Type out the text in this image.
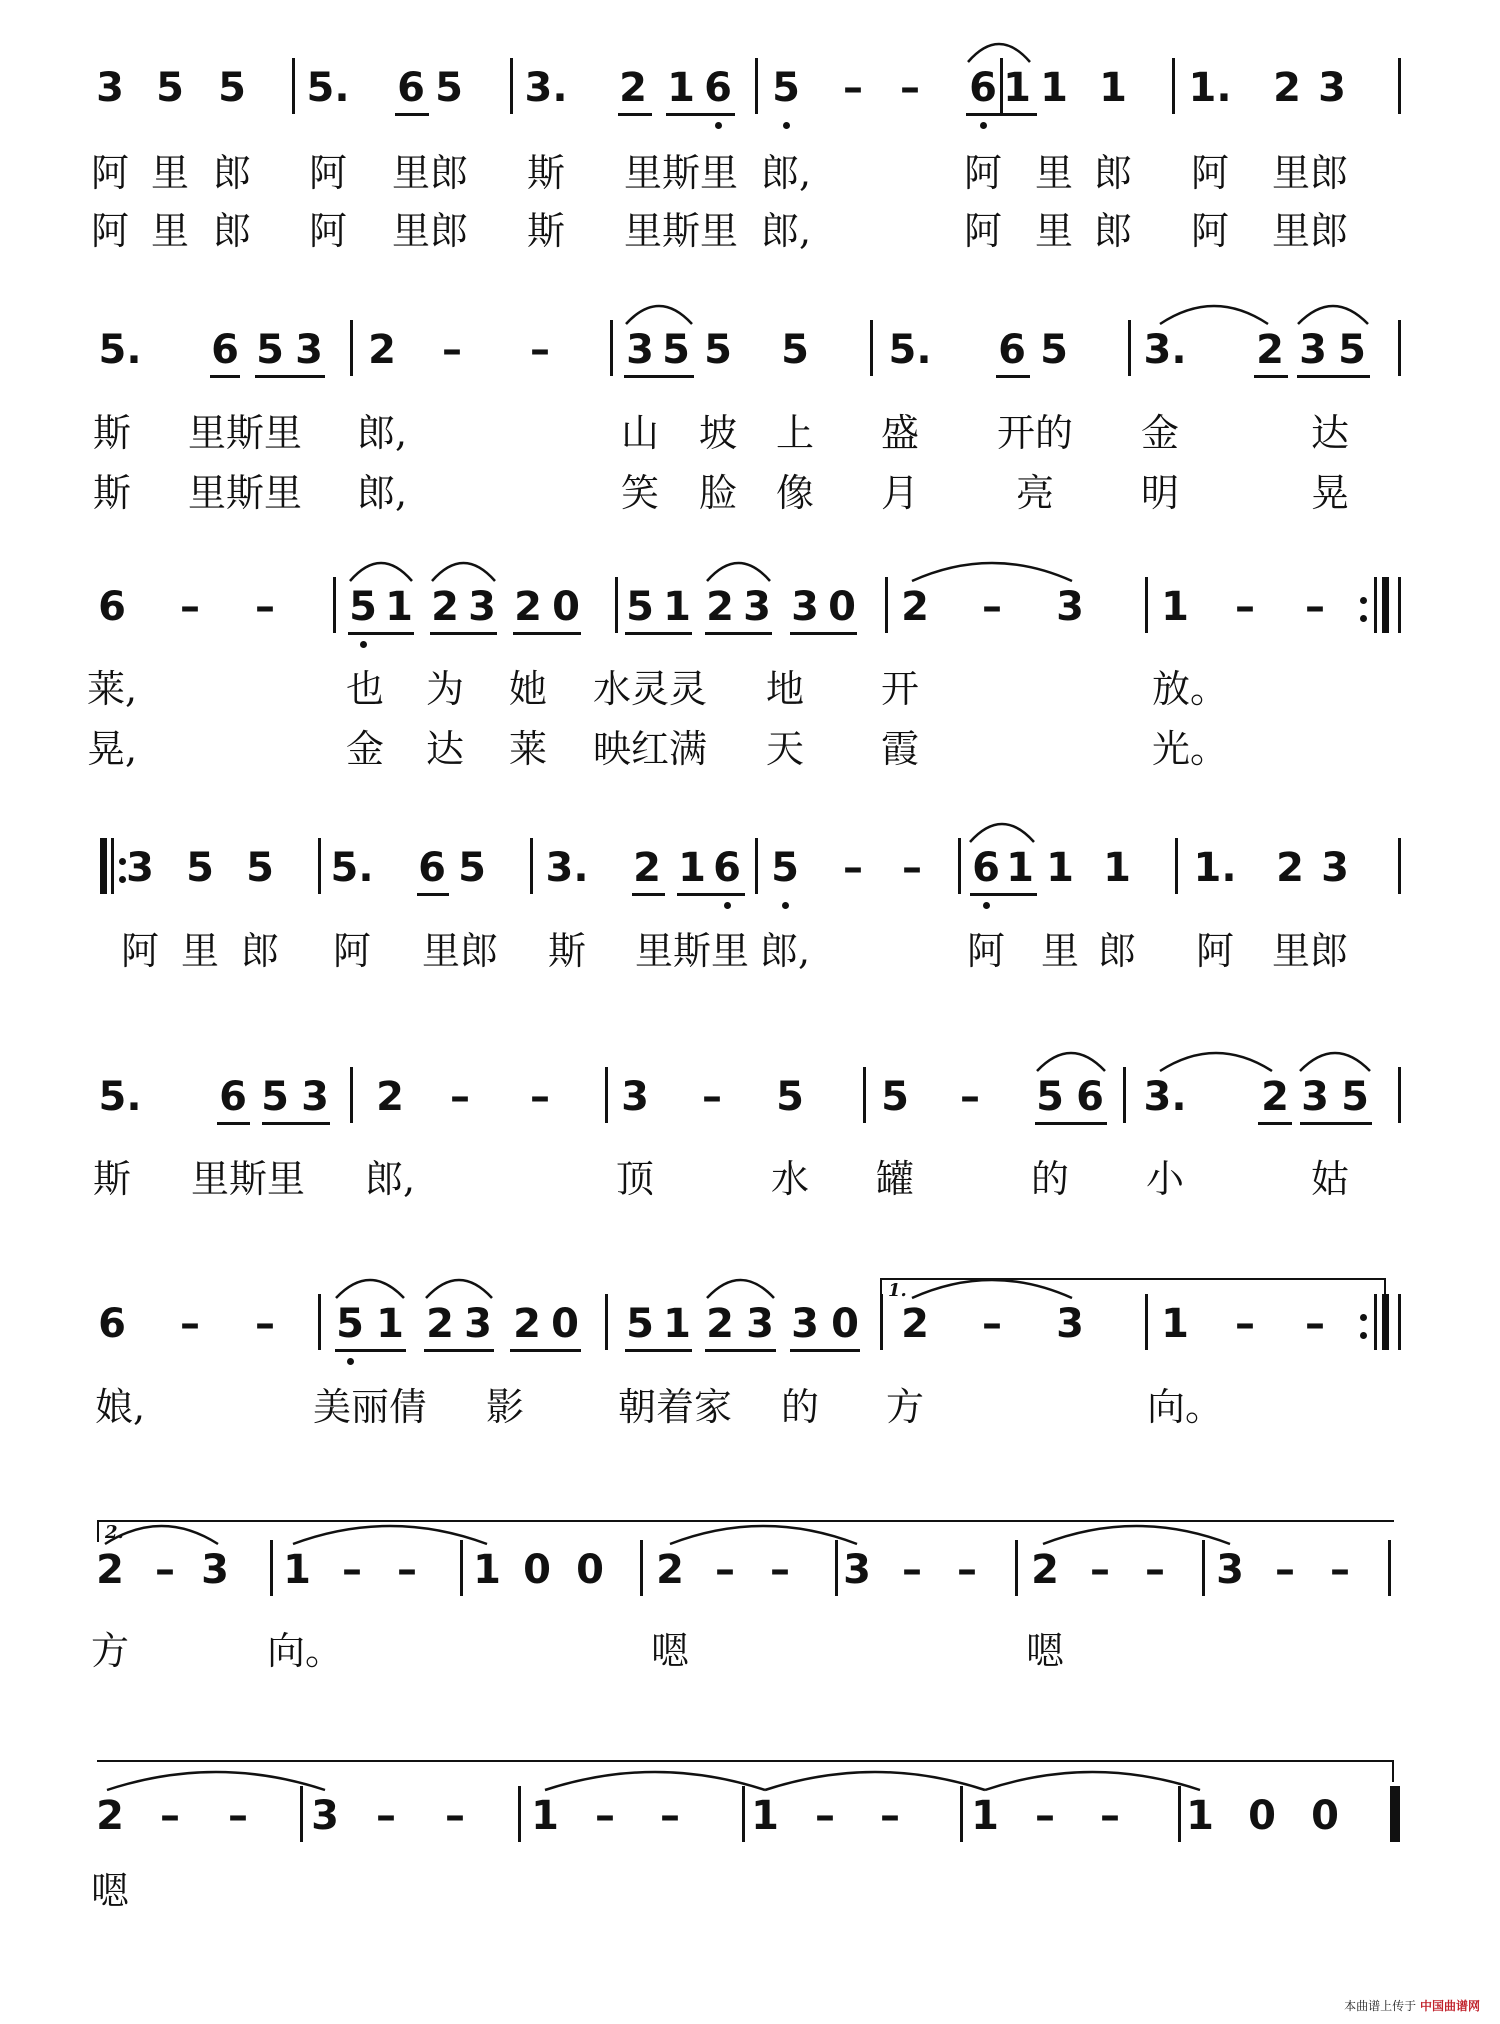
3 5 5 5. 6 5 3. 2 1 6 5 – – 6 1 1 1 1. 2 3
阿 里 郎 阿 里郎 斯 里斯里 郎,	阿 里 郎 阿 里郎
阿 里 郎 阿 里郎 斯 里斯里 郎,	阿 里 郎 阿 里郎
5. 6 5 3 2 – – 3 5 5 5 5. 6 5 3. 2 3 5
斯 里斯里 郎,	山 坡 上 盛 开的 金	达
斯 里斯里 郎,	笑 脸 像 月	亮 明	晃
6 – – 5 1 2 3 2 0 5 1 2 3 3 0 2 – 3 1 – –
莱,	也 为 她 水灵灵 地 开	放。
晃,	金 达 莱 映红满 天 霞	光。
3 5 5 5. 6 5 3. 2 1 6 5 – – 6 1 1 1 1. 2 3
阿 里 郎 阿 里郎 斯 里斯里 郎,	阿 里 郎 阿 里郎
5. 6 5 3 2 – – 3 – 5 5 – 5 6 3. 2 3 5
斯 里斯里 郎,	顶	水 罐	的 小	姑
6 – – 5 1 2 3 2 0 5 1 2 3 3 0 2 – 3 1 – –
1.
娘,	美丽倩 影 朝着家 的 方	向。
2 – 3 1 – – 1 0 0 2 – – 3 – – 2 – – 3 – –
2.
方	向。	嗯	嗯
2 – – 3 – – 1 – – 1 – – 1 – – 1 0 0
嗯
本曲谱上传于 中国曲谱网
